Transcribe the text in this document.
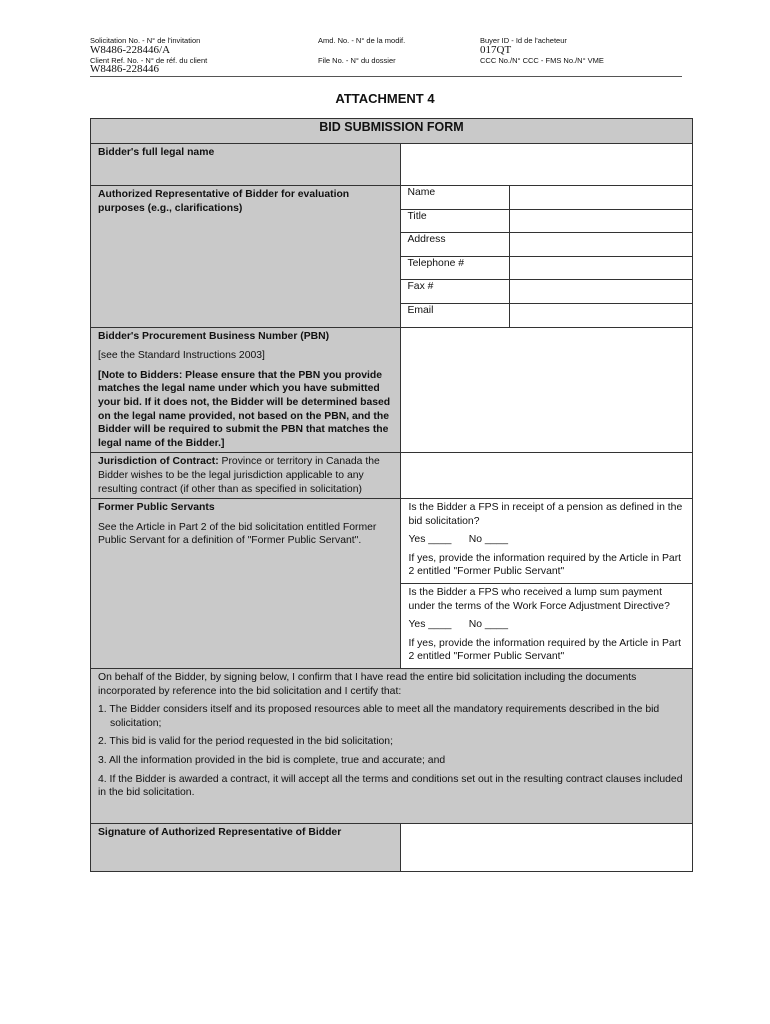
Solicitation No. - N° de l'invitation
W8486-228446/A
Amd. No. - N° de la modif.	Buyer ID - Id de l'acheteur
017QT
Client Ref. No. - N° de réf. du client
W8486-228446
File No. - N° du dossier	CCC No./N° CCC - FMS No./N° VME
ATTACHMENT 4
BID SUBMISSION FORM
Bidder's full legal name	
Authorized Representative of Bidder for evaluation purposes (e.g., clarifications)	
Name	
Title	
Address	
Telephone #	
Fax #	
Email	

Bidder's Procurement Business Number (PBN)

[see the Standard Instructions 2003]

[Note to Bidders: Please ensure that the PBN you provide matches the legal name under which you have submitted your bid. If it does not, the Bidder will be determined based on the legal name provided, not based on the PBN, and the Bidder will be required to submit the PBN that matches the legal name of the Bidder.]

Jurisdiction of Contract: Province or territory in Canada the Bidder wishes to be the legal jurisdiction applicable to any resulting contract (if other than as specified in solicitation)	

Former Public Servants

See the Article in Part 2 of the bid solicitation entitled Former Public Servant for a definition of "Former Public Servant".

Is the Bidder a FPS in receipt of a pension as defined in the bid solicitation?

Yes ____      No ____

If yes, provide the information required by the Article in Part 2 entitled "Former Public Servant"

Is the Bidder a FPS who received a lump sum payment under the terms of the Work Force Adjustment Directive?

Yes ____      No ____

If yes, provide the information required by the Article in Part 2 entitled "Former Public Servant"

On behalf of the Bidder, by signing below, I confirm that I have read the entire bid solicitation including the documents incorporated by reference into the bid solicitation and I certify that:

1. The Bidder considers itself and its proposed resources able to meet all the mandatory requirements described in the bid solicitation;

2. This bid is valid for the period requested in the bid solicitation;

3. All the information provided in the bid is complete, true and accurate; and

4. If the Bidder is awarded a contract, it will accept all the terms and conditions set out in the resulting contract clauses included in the bid solicitation.

Signature of Authorized Representative of Bidder	
